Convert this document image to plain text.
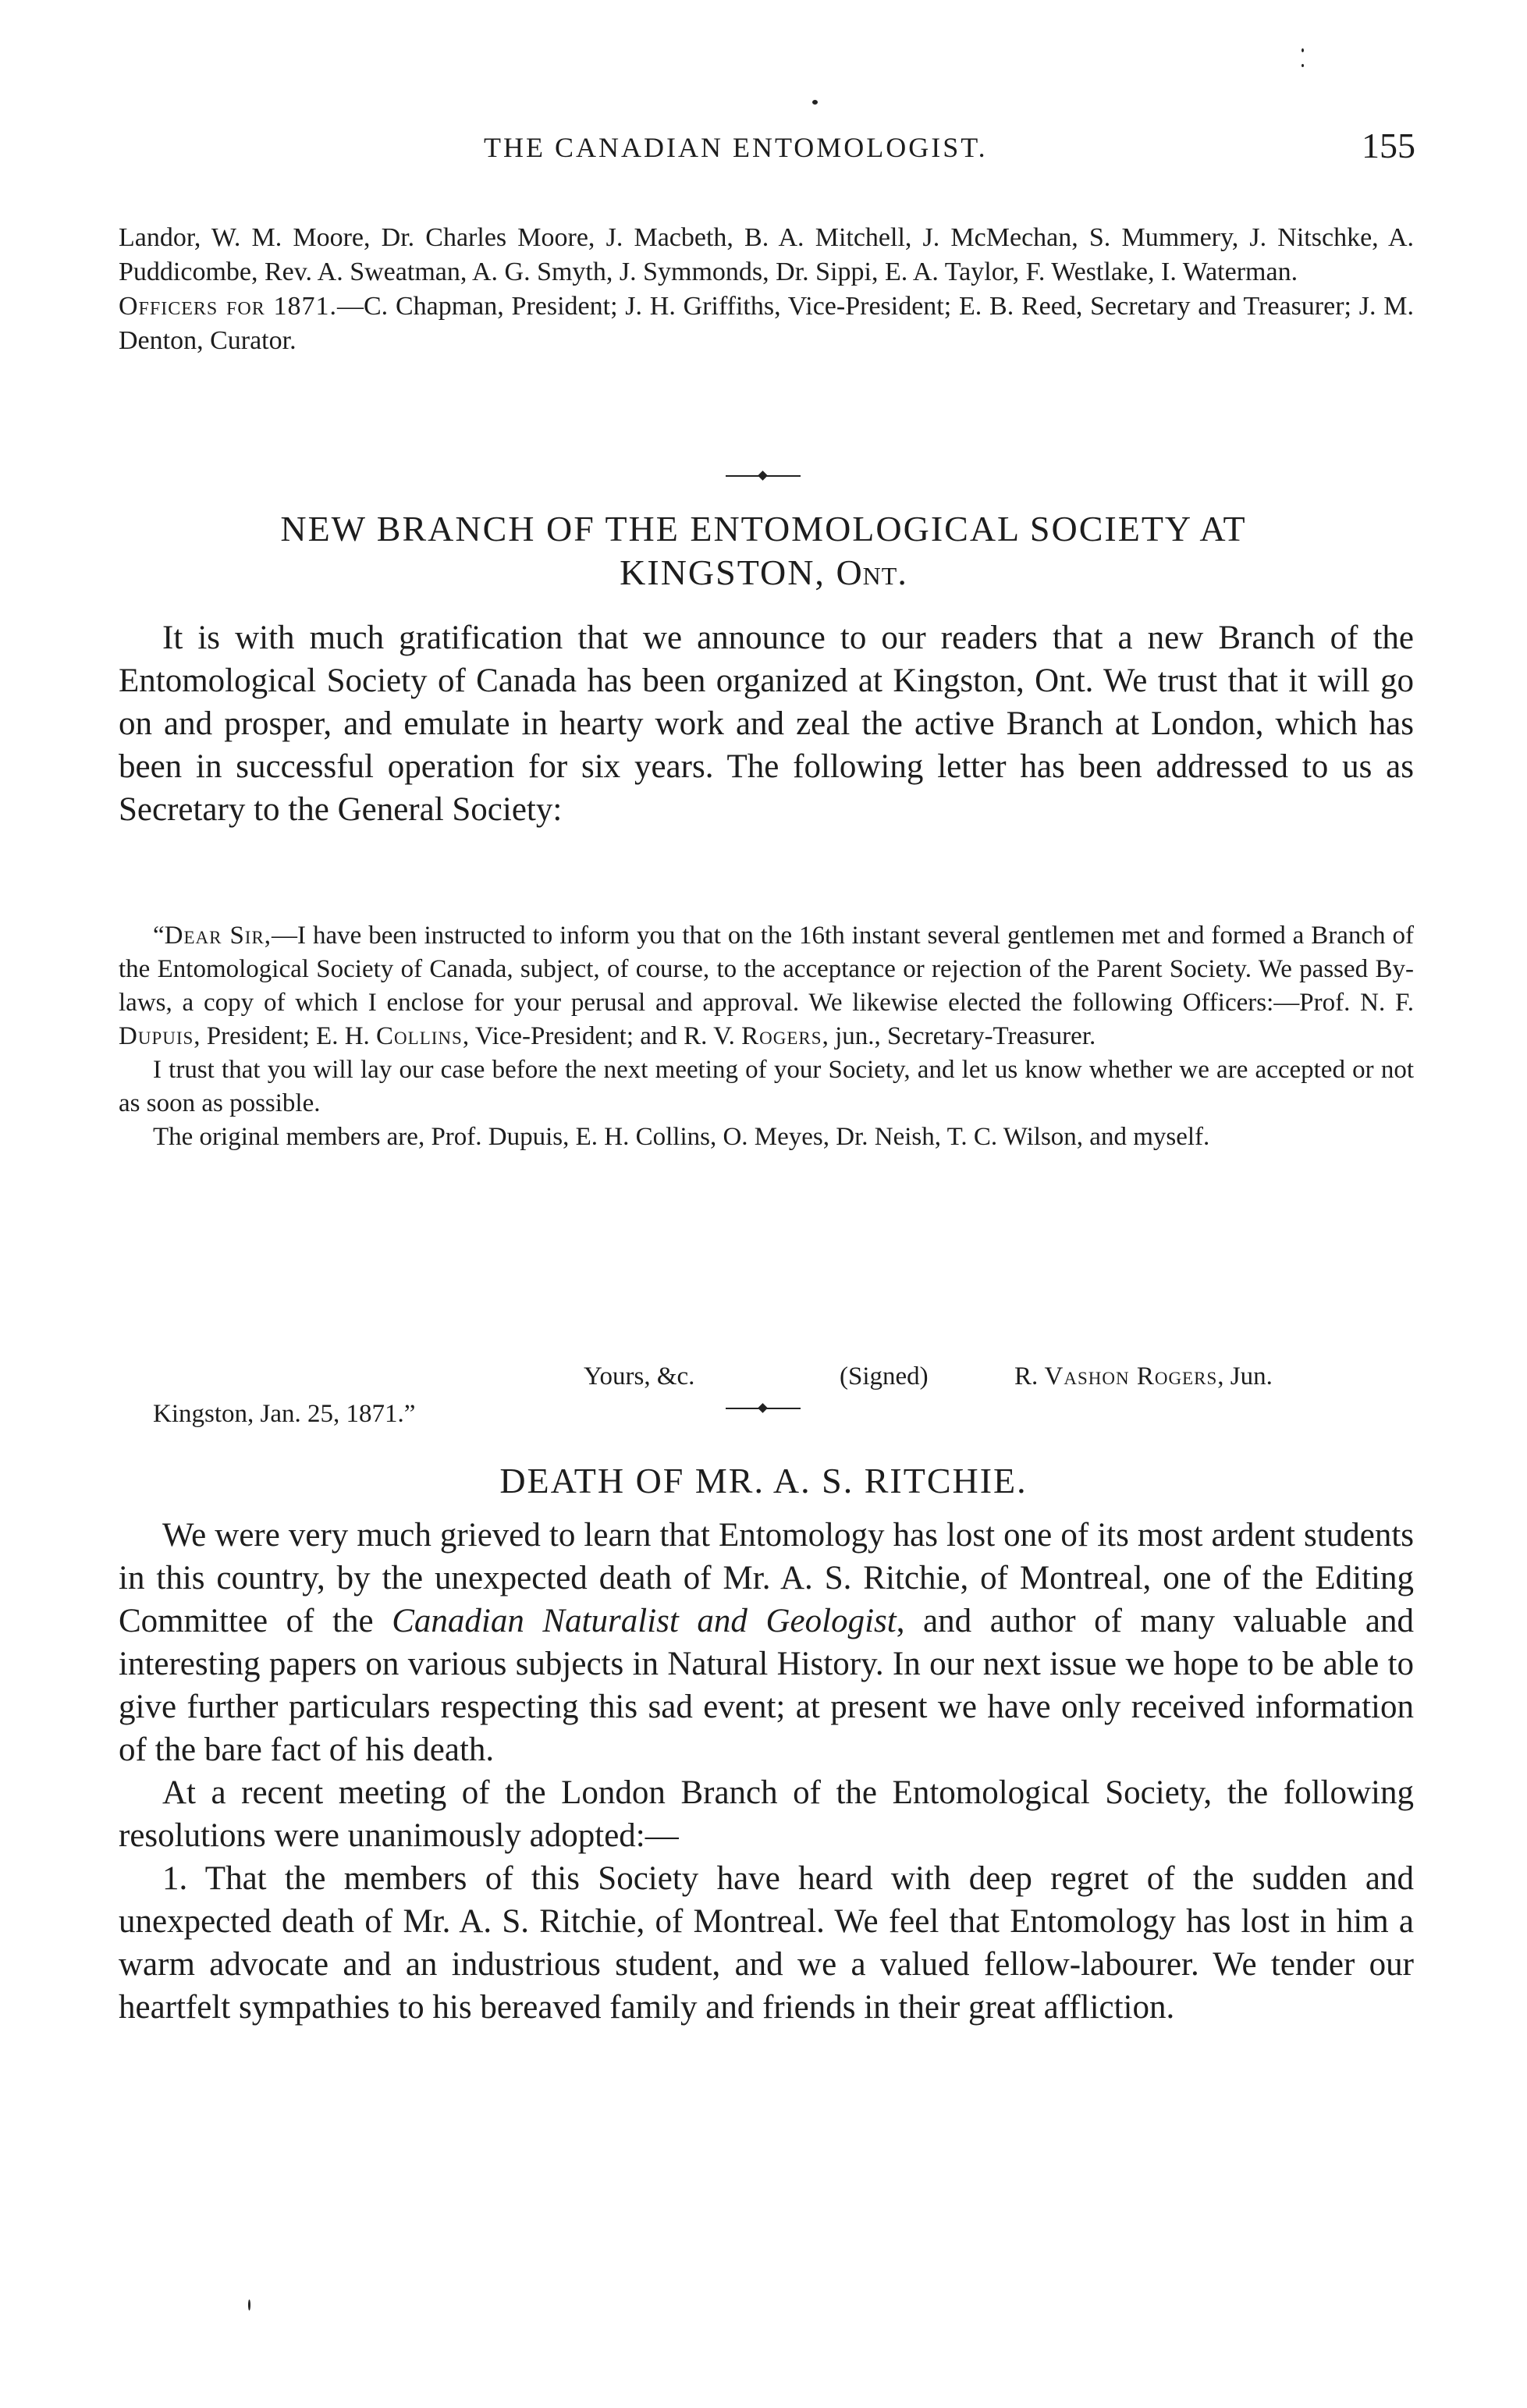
THE CANADIAN ENTOMOLOGIST.	155

Landor, W. M. Moore, Dr. Charles Moore, J. Macbeth, B. A. Mitchell, J. McMechan, S. Mummery, J. Nitschke, A. Puddicombe, Rev. A. Sweatman, A. G. Smyth, J. Symmonds, Dr. Sippi, E. A. Taylor, F. Westlake, I. Waterman.

Officers for 1871.—C. Chapman, President; J. H. Griffiths, Vice-President; E. B. Reed, Secretary and Treasurer; J. M. Denton, Curator.

NEW BRANCH OF THE ENTOMOLOGICAL SOCIETY AT
KINGSTON, Ont.

It is with much gratification that we announce to our readers that a new Branch of the Entomological Society of Canada has been organized at Kingston, Ont. We trust that it will go on and prosper, and emulate in hearty work and zeal the active Branch at London, which has been in successful operation for six years. The following letter has been addressed to us as Secretary to the General Society:

“Dear Sir,—I have been instructed to inform you that on the 16th instant several gentlemen met and formed a Branch of the Entomological Society of Canada, subject, of course, to the acceptance or rejection of the Parent Society. We passed By-laws, a copy of which I enclose for your perusal and approval. We likewise elected the following Officers:—Prof. N. F. Dupuis, President; E. H. Collins, Vice-President; and R. V. Rogers, jun., Secretary-Treasurer.

I trust that you will lay our case before the next meeting of your Society, and let us know whether we are accepted or not as soon as possible.

The original members are, Prof. Dupuis, E. H. Collins, O. Meyes, Dr. Neish, T. C. Wilson, and myself.

Yours, &c.	(Signed)	R. Vashon Rogers, Jun.
Kingston, Jan. 25, 1871.”
DEATH OF MR. A. S. RITCHIE.

We were very much grieved to learn that Entomology has lost one of its most ardent students in this country, by the unexpected death of Mr. A. S. Ritchie, of Montreal, one of the Editing Committee of the Canadian Naturalist and Geologist, and author of many valuable and interesting papers on various subjects in Natural History. In our next issue we hope to be able to give further particulars respecting this sad event; at present we have only received information of the bare fact of his death.

At a recent meeting of the London Branch of the Entomological Society, the following resolutions were unanimously adopted:—

1. That the members of this Society have heard with deep regret of the sudden and unexpected death of Mr. A. S. Ritchie, of Montreal. We feel that Entomology has lost in him a warm advocate and an industrious student, and we a valued fellow-labourer. We tender our heartfelt sympathies to his bereaved family and friends in their great affliction.
